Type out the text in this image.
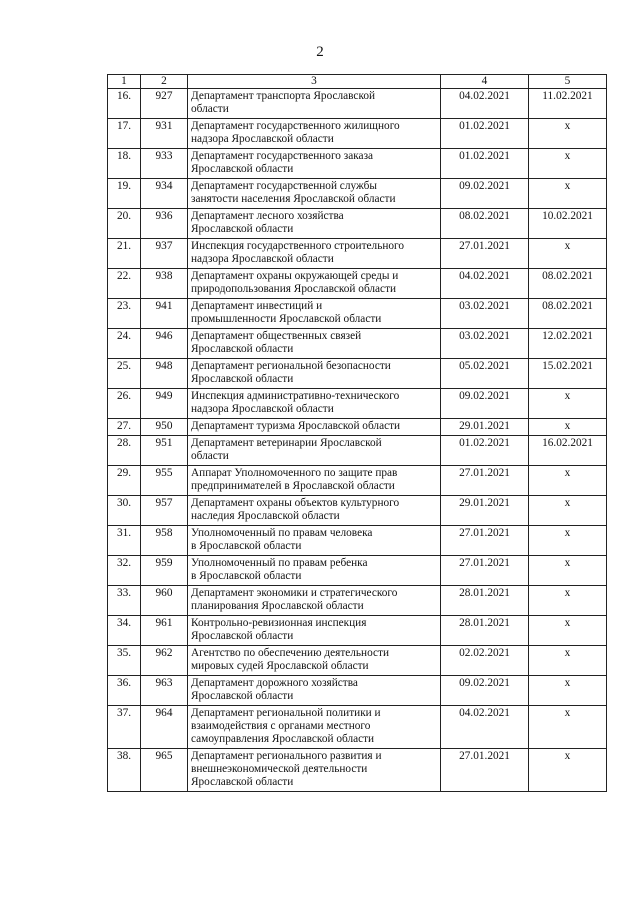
2
1	2	3	4	5
16.	927	Департамент транспорта Ярославской
области	04.02.2021	11.02.2021
17.	931	Департамент государственного жилищного
надзора Ярославской области	01.02.2021	х
18.	933	Департамент государственного заказа
Ярославской области	01.02.2021	х
19.	934	Департамент государственной службы
занятости населения Ярославской области	09.02.2021	х
20.	936	Департамент лесного хозяйства
Ярославской области	08.02.2021	10.02.2021
21.	937	Инспекция государственного строительного
надзора Ярославской области	27.01.2021	х
22.	938	Департамент охраны окружающей среды и
природопользования Ярославской области	04.02.2021	08.02.2021
23.	941	Департамент инвестиций и
промышленности Ярославской области	03.02.2021	08.02.2021
24.	946	Департамент общественных связей
Ярославской области	03.02.2021	12.02.2021
25.	948	Департамент региональной безопасности
Ярославской области	05.02.2021	15.02.2021
26.	949	Инспекция административно-технического
надзора Ярославской области	09.02.2021	х
27.	950	Департамент туризма Ярославской области	29.01.2021	х
28.	951	Департамент ветеринарии Ярославской
области	01.02.2021	16.02.2021
29.	955	Аппарат Уполномоченного по защите прав
предпринимателей в Ярославской области	27.01.2021	х
30.	957	Департамент охраны объектов культурного
наследия Ярославской области	29.01.2021	х
31.	958	Уполномоченный по правам человека
в Ярославской области	27.01.2021	х
32.	959	Уполномоченный по правам ребенка
в Ярославской области	27.01.2021	х
33.	960	Департамент экономики и стратегического
планирования Ярославской области	28.01.2021	х
34.	961	Контрольно-ревизионная инспекция
Ярославской области	28.01.2021	х
35.	962	Агентство по обеспечению деятельности
мировых судей Ярославской области	02.02.2021	х
36.	963	Департамент дорожного хозяйства
Ярославской области	09.02.2021	х
37.	964	Департамент региональной политики и
взаимодействия с органами местного
самоуправления Ярославской области	04.02.2021	х
38.	965	Департамент регионального развития и
внешнеэкономической деятельности
Ярославской области	27.01.2021	х
